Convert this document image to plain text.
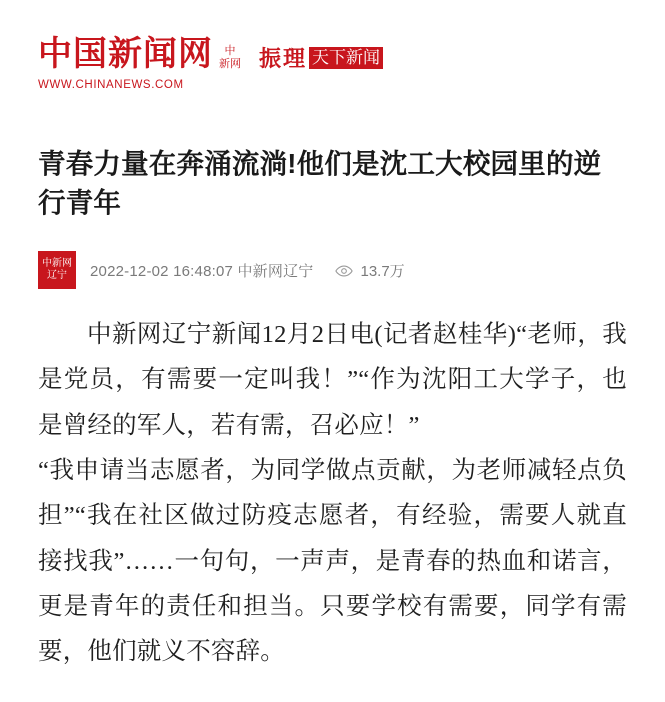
中国新闻网	中
新网
WWW.CHINANEWS.COM
振理 天下新闻
青春力量在奔涌流淌!他们是沈工大校园里的逆行青年
中新网
辽宁 2022-12-02 16:48:07 中新网辽宁	13.7万

中新网辽宁新闻12月2日电(记者赵桂华)“老师，我是党员，有需要一定叫我！”“作为沈阳工大学子，也是曾经的军人，若有需，召必应！”

“我申请当志愿者，为同学做点贡献，为老师减轻点负担”“我在社区做过防疫志愿者，有经验，需要人就直接找我”……一句句，一声声，是青春的热血和诺言，更是青年的责任和担当。只要学校有需要，同学有需要，他们就义不容辞。
